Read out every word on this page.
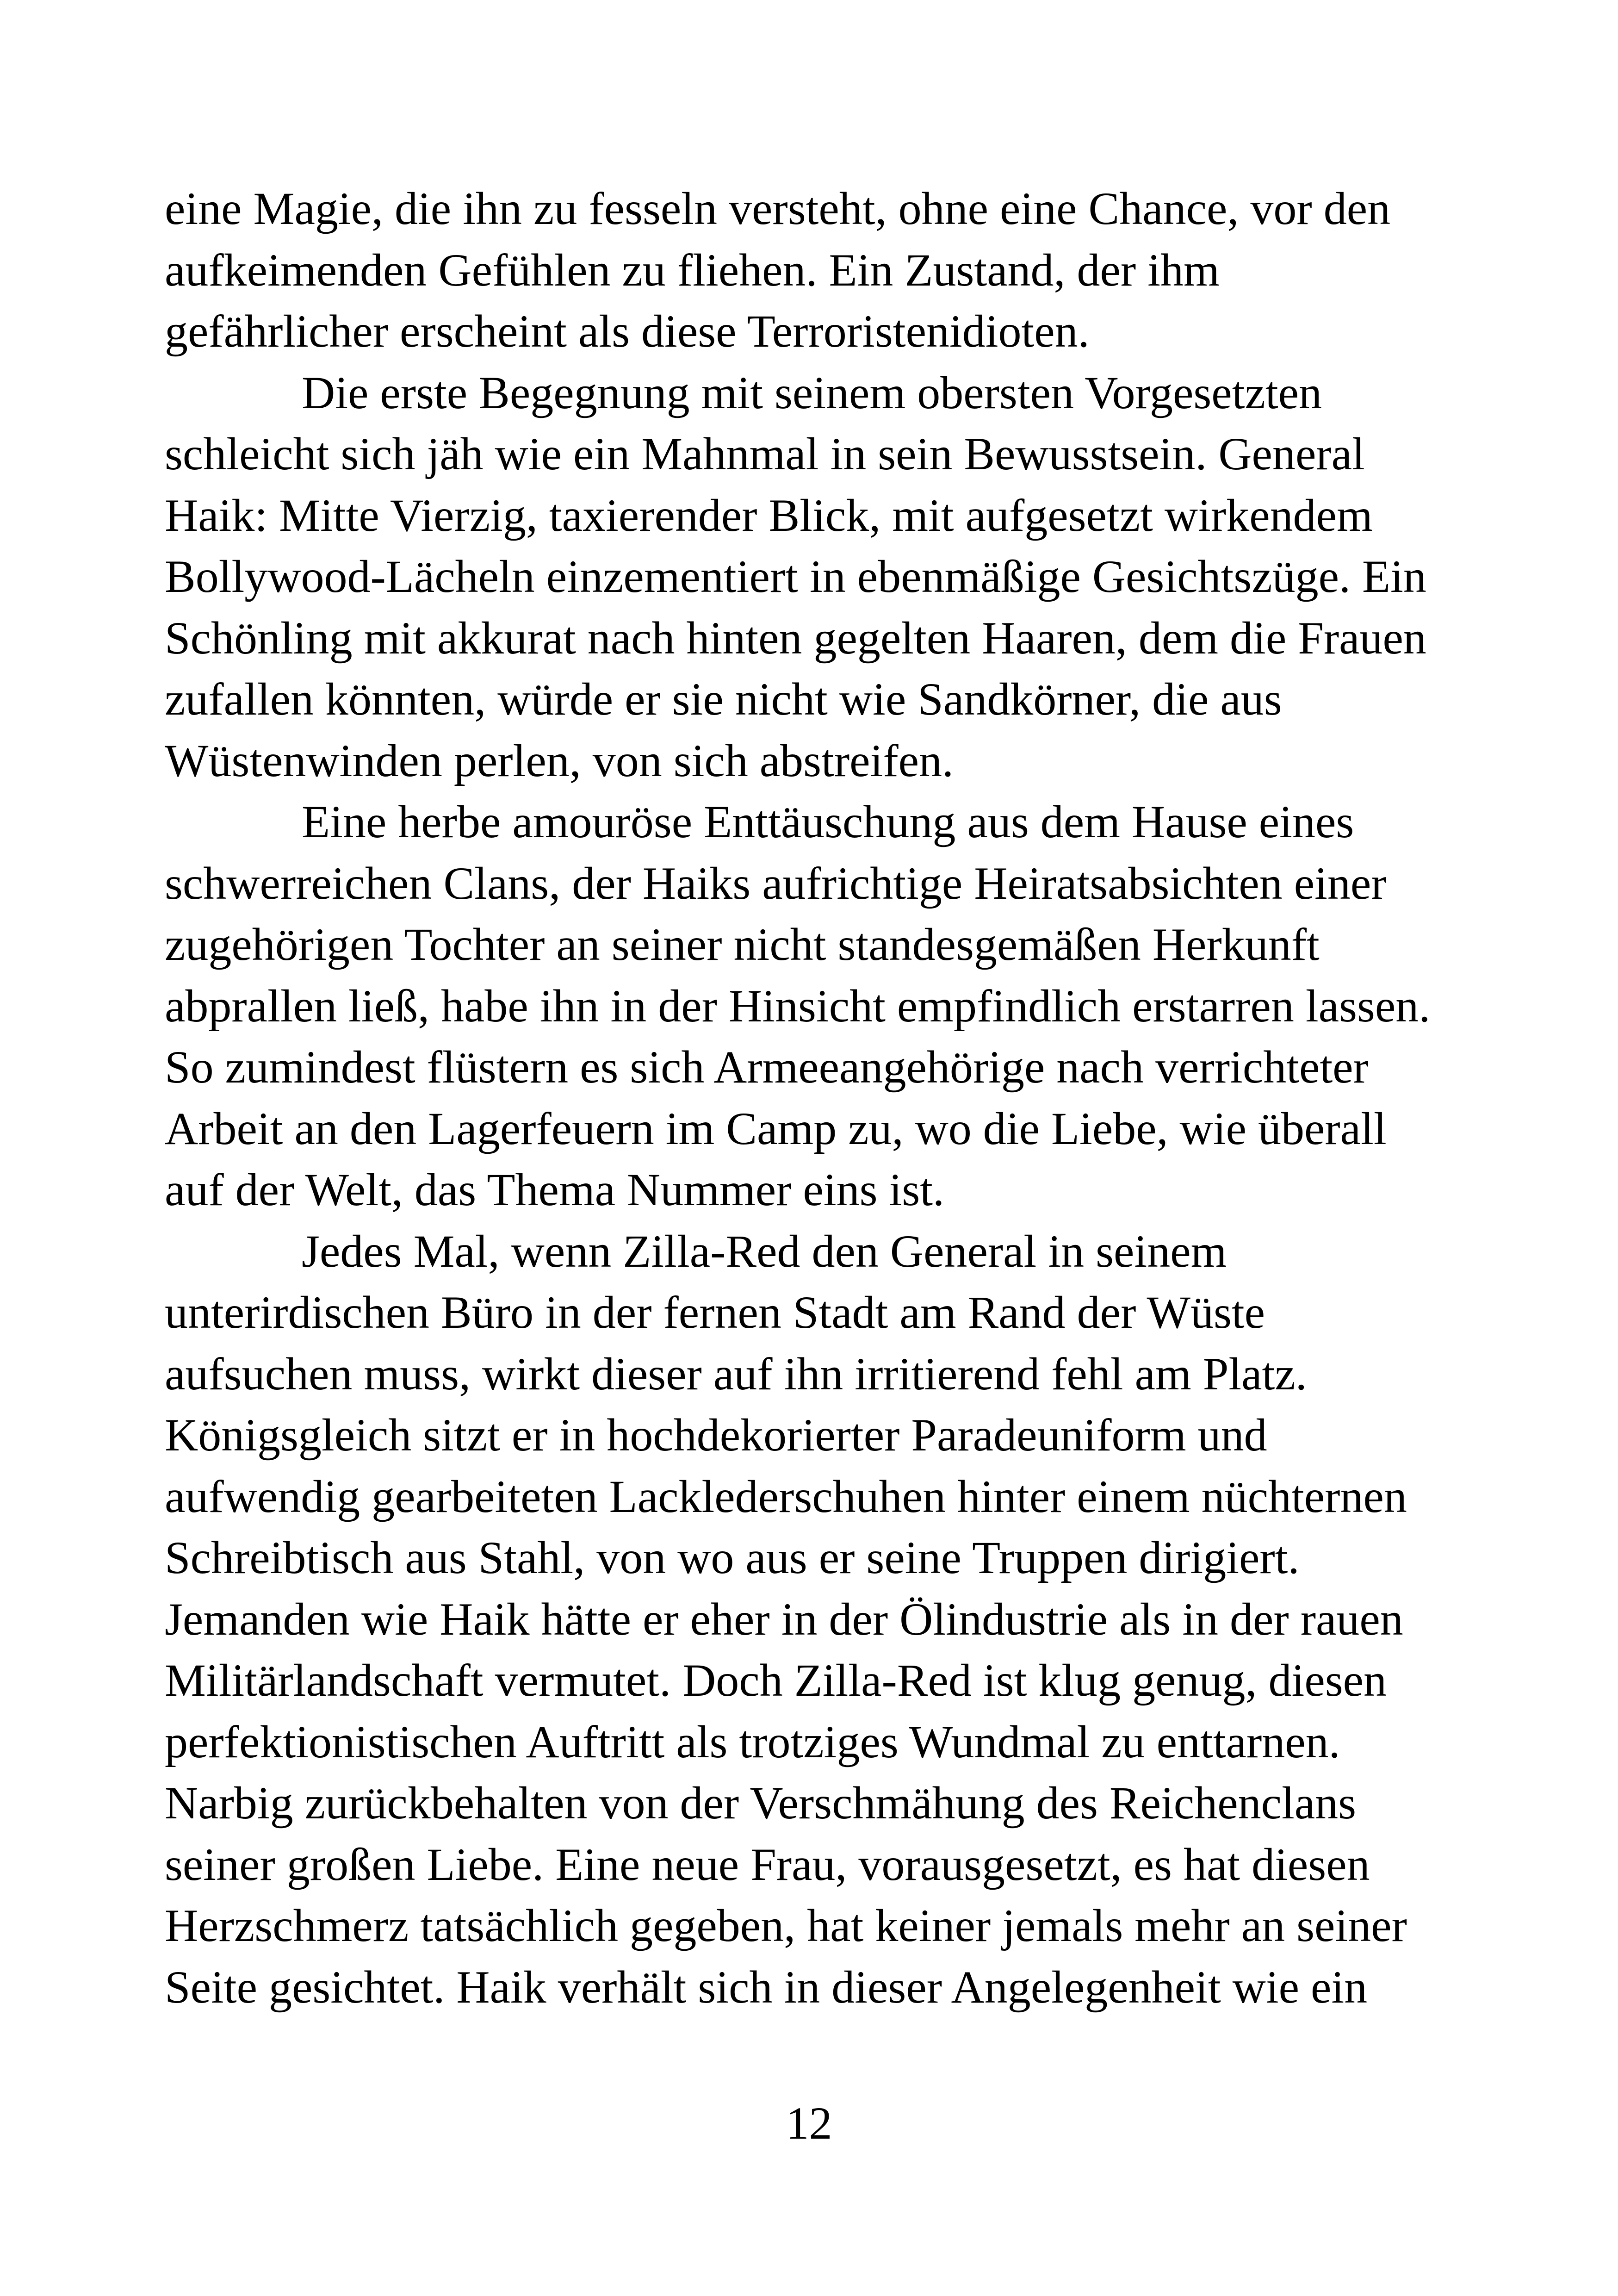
eine Magie, die ihn zu fesseln versteht, ohne eine Chance, vor den
aufkeimenden Gefühlen zu fliehen. Ein Zustand, der ihm
gefährlicher erscheint als diese Terroristenidioten.
Die erste Begegnung mit seinem obersten Vorgesetzten
schleicht sich jäh wie ein Mahnmal in sein Bewusstsein. General
Haik: Mitte Vierzig, taxierender Blick, mit aufgesetzt wirkendem
Bollywood-Lächeln einzementiert in ebenmäßige Gesichtszüge. Ein
Schönling mit akkurat nach hinten gegelten Haaren, dem die Frauen
zufallen könnten, würde er sie nicht wie Sandkörner, die aus
Wüstenwinden perlen, von sich abstreifen.
Eine herbe amouröse Enttäuschung aus dem Hause eines
schwerreichen Clans, der Haiks aufrichtige Heiratsabsichten einer
zugehörigen Tochter an seiner nicht standesgemäßen Herkunft
abprallen ließ, habe ihn in der Hinsicht empfindlich erstarren lassen.
So zumindest flüstern es sich Armeeangehörige nach verrichteter
Arbeit an den Lagerfeuern im Camp zu, wo die Liebe, wie überall
auf der Welt, das Thema Nummer eins ist.
Jedes Mal, wenn Zilla-Red den General in seinem
unterirdischen Büro in der fernen Stadt am Rand der Wüste
aufsuchen muss, wirkt dieser auf ihn irritierend fehl am Platz.
Königsgleich sitzt er in hochdekorierter Paradeuniform und
aufwendig gearbeiteten Lacklederschuhen hinter einem nüchternen
Schreibtisch aus Stahl, von wo aus er seine Truppen dirigiert.
Jemanden wie Haik hätte er eher in der Ölindustrie als in der rauen
Militärlandschaft vermutet. Doch Zilla-Red ist klug genug, diesen
perfektionistischen Auftritt als trotziges Wundmal zu enttarnen.
Narbig zurückbehalten von der Verschmähung des Reichenclans
seiner großen Liebe. Eine neue Frau, vorausgesetzt, es hat diesen
Herzschmerz tatsächlich gegeben, hat keiner jemals mehr an seiner
Seite gesichtet. Haik verhält sich in dieser Angelegenheit wie ein
12
